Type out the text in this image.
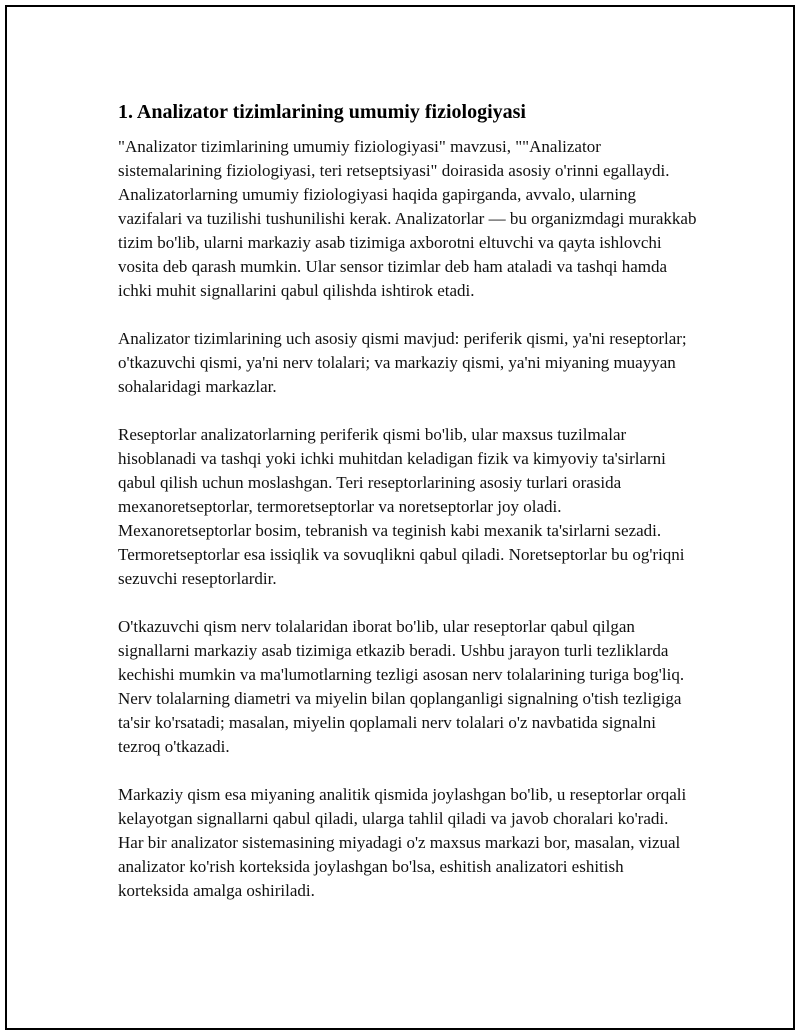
1. Analizator tizimlarining umumiy fiziologiyasi

"Analizator tizimlarining umumiy fiziologiyasi" mavzusi, ""Analizator sistemalarining fiziologiyasi, teri retseptsiyasi" doirasida asosiy o'rinni egallaydi. Analizatorlarning umumiy fiziologiyasi haqida gapirganda, avvalo, ularning vazifalari va tuzilishi tushunilishi kerak. Analizatorlar — bu organizmdagi murakkab tizim bo'lib, ularni markaziy asab tizimiga axborotni eltuvchi va qayta ishlovchi vosita deb qarash mumkin. Ular sensor tizimlar deb ham ataladi va tashqi hamda ichki muhit signallarini qabul qilishda ishtirok etadi.

Analizator tizimlarining uch asosiy qismi mavjud: periferik qismi, ya'ni reseptorlar; o'tkazuvchi qismi, ya'ni nerv tolalari; va markaziy qismi, ya'ni miyaning muayyan sohalaridagi markazlar.

Reseptorlar analizatorlarning periferik qismi bo'lib, ular maxsus tuzilmalar hisoblanadi va tashqi yoki ichki muhitdan keladigan fizik va kimyoviy ta'sirlarni qabul qilish uchun moslashgan. Teri reseptorlarining asosiy turlari orasida mexanoretseptorlar, termoretseptorlar va noretseptorlar joy oladi. Mexanoretseptorlar bosim, tebranish va teginish kabi mexanik ta'sirlarni sezadi. Termoretseptorlar esa issiqlik va sovuqlikni qabul qiladi. Noretseptorlar bu og'riqni sezuvchi reseptorlardir.

O'tkazuvchi qism nerv tolalaridan iborat bo'lib, ular reseptorlar qabul qilgan signallarni markaziy asab tizimiga etkazib beradi. Ushbu jarayon turli tezliklarda kechishi mumkin va ma'lumotlarning tezligi asosan nerv tolalarining turiga bog'liq. Nerv tolalarning diametri va miyelin bilan qoplanganligi signalning o'tish tezligiga ta'sir ko'rsatadi; masalan, miyelin qoplamali nerv tolalari o'z navbatida signalni tezroq o'tkazadi.

Markaziy qism esa miyaning analitik qismida joylashgan bo'lib, u reseptorlar orqali kelayotgan signallarni qabul qiladi, ularga tahlil qiladi va javob choralari ko'radi. Har bir analizator sistemasining miyadagi o'z maxsus markazi bor, masalan, vizual analizator ko'rish korteksida joylashgan bo'lsa, eshitish analizatori eshitish korteksida amalga oshiriladi.
